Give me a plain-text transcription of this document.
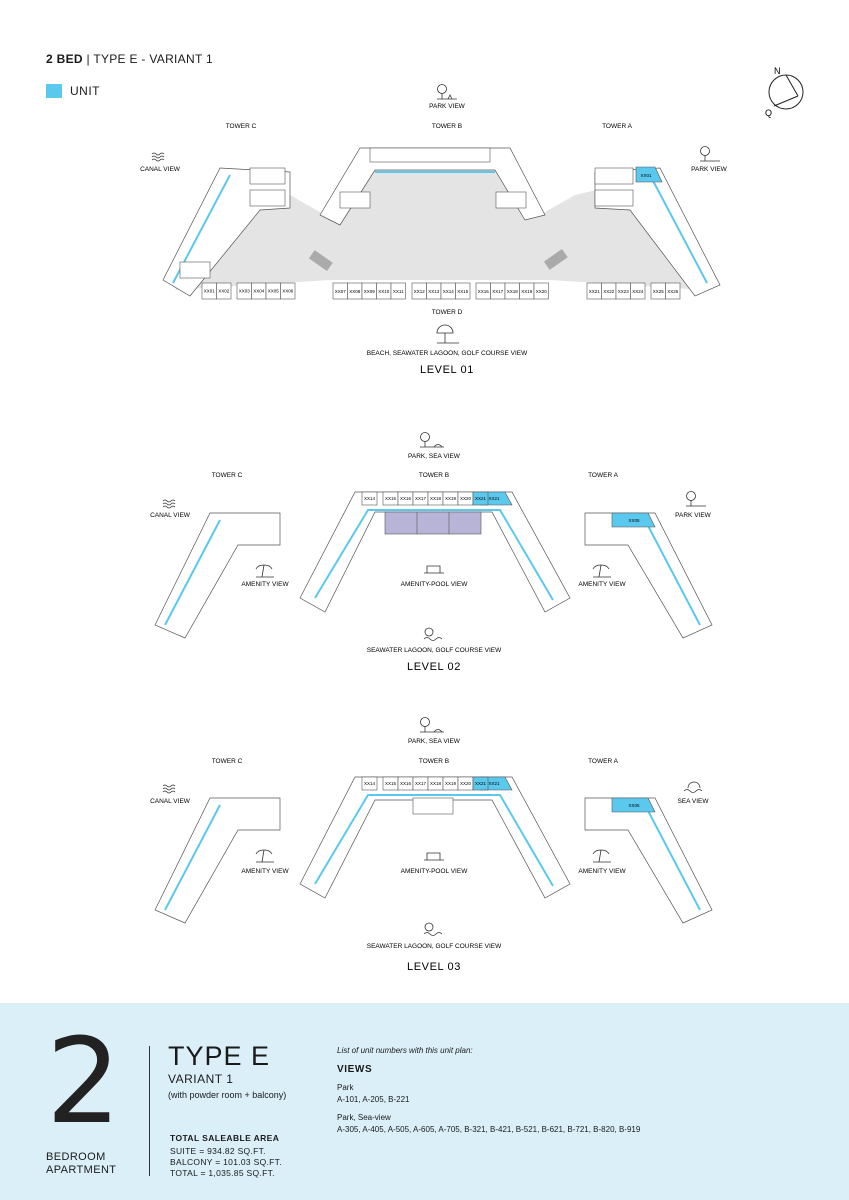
2 BED | TYPE E - VARIANT 1
UNIT
N
Q
XX01
XX01 XX02 XX03 XX04 XX05 XX06	XX07 XX08 XX09 XX10 XX11 XX12 XX13 XX14 XX15 XX16 XX17 XX18 XX19 XX20	XX21 XX22 XX23 XX24 XX25 XX26
TOWER C	TOWER B	TOWER A
TOWER D
CANAL VIEW
PARK VIEW
PARK VIEW
BEACH, SEAWATER LAGOON, GOLF COURSE VIEW
LEVEL 01
XX21
XX14 XX15 XX16 XX17 XX18 XX19 XX20 XX21
XX05
TOWER C	TOWER B	TOWER A
CANAL VIEW
PARK, SEA VIEW
PARK VIEW
AMENITY VIEW	AMENITY VIEW
AMENITY-POOL VIEW
SEAWATER LAGOON, GOLF COURSE VIEW
LEVEL 02
XX21
XX14 XX15 XX16 XX17 XX18 XX19 XX20 XX21
XX05
TOWER C	TOWER B	TOWER A
CANAL VIEW
PARK, SEA VIEW
SEA VIEW
AMENITY VIEW	AMENITY VIEW
AMENITY-POOL VIEW
SEAWATER LAGOON, GOLF COURSE VIEW
LEVEL 03
2
BEDROOM
APARTMENT
TYPE E
VARIANT 1
(with powder room + balcony)
TOTAL SALEABLE AREA
SUITE = 934.82 SQ.FT.
BALCONY = 101.03 SQ.FT.
TOTAL = 1,035.85 SQ.FT.
List of unit numbers with this unit plan:
VIEWS
Park
A-101, A-205, B-221
Park, Sea-view
A-305, A-405, A-505, A-605, A-705, B-321, B-421, B-521, B-621, B-721, B-820, B-919
